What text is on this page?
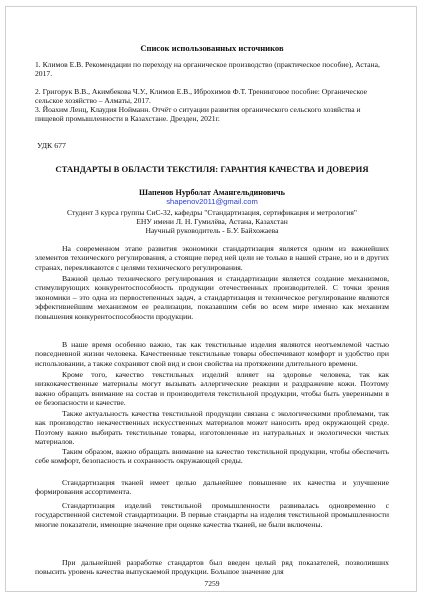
Список использованных источников
1. Климов Е.В. Рекомендации по переходу на органическое производство (практическое пособие), Астана, 2017.
2. Григорук В.В., Акимбекова Ч.У., Климов Е.В., Иброхимов Ф.Т. Тренинговое пособие: Органическое сельское хозяйство – Алматы, 2017.
3. Йоахим Ленц, Клаудия Нойманн. Отчёт о ситуации развития органического сельского хозяйства и пищевой промышленности в Казахстане. Дрезден, 2021г.
УДК 677
СТАНДАРТЫ В ОБЛАСТИ ТЕКСТИЛЯ: ГАРАНТИЯ КАЧЕСТВА И ДОВЕРИЯ
Шапенов Нурболат Амангельдиновичь
shapenov2011@gmail.com
Студент 3 курса группы СиС-32, кафедры "Стандартизация, сертификация и метрология"
ЕНУ имени Л. Н. Гумилёва, Астана, Казахстан
Научный руководитель - Б.У. Байхожаева
На современном этапе развития экономики стандартизация является одним из важнейших элементов технического регулирования, а стоящие перед ней цели не только в нашей стране, но и в других странах, перекликаются с целями технического регулирования.
Важной целью технического регулирования и стандартизации является создание механизмов, стимулирующих конкурентоспособность продукции отечественных производителей. С точки зрения экономики – это одна из первостепенных задач, а стандартизация и техническое регулирование являются эффективнейшим механизмом ее реализации, показавшим себя во всем мире именно как механизм повышения конкурентоспособности продукции.
В наше время особенно важно, так как текстильные изделия являются неотъемлемой частью повседневной жизни человека. Качественные текстильные товары обеспечивают комфорт и удобство при использовании, а также сохраняют свой вид и свои свойства на протяжении длительного времени.
Кроме того, качество текстильных изделий влияет на здоровье человека, так как низкокачественные материалы могут вызывать аллергические реакции и раздражение кожи. Поэтому важно обращать внимание на состав и производителя текстильной продукции, чтобы быть уверенными в ее безопасности и качестве.
Также актуальность качества текстильной продукции связана с экологическими проблемами, так как производство некачественных искусственных материалов может наносить вред окружающей среде. Поэтому важно выбирать текстильные товары, изготовленные из натуральных и экологически чистых материалов.
Таким образом, важно обращать внимание на качество текстильной продукции, чтобы обеспечить себе комфорт, безопасность и сохранность окружающей среды.
Стандартизация тканей имеет целью дальнейшее повышение их качества и улучшение формирования ассортимента.
Стандартизация изделий текстильной промышленности развивалась одновременно с государственной системой стандартизации. В первые стандарты на изделия текстильной промышленности многие показатели, имеющие значение при оценке качества тканей, не были включены.
При дальнейшей разработке стандартов был введен целый ряд показателей, позволивших повысить уровень качества выпускаемой продукции. Большое значение для
7259
